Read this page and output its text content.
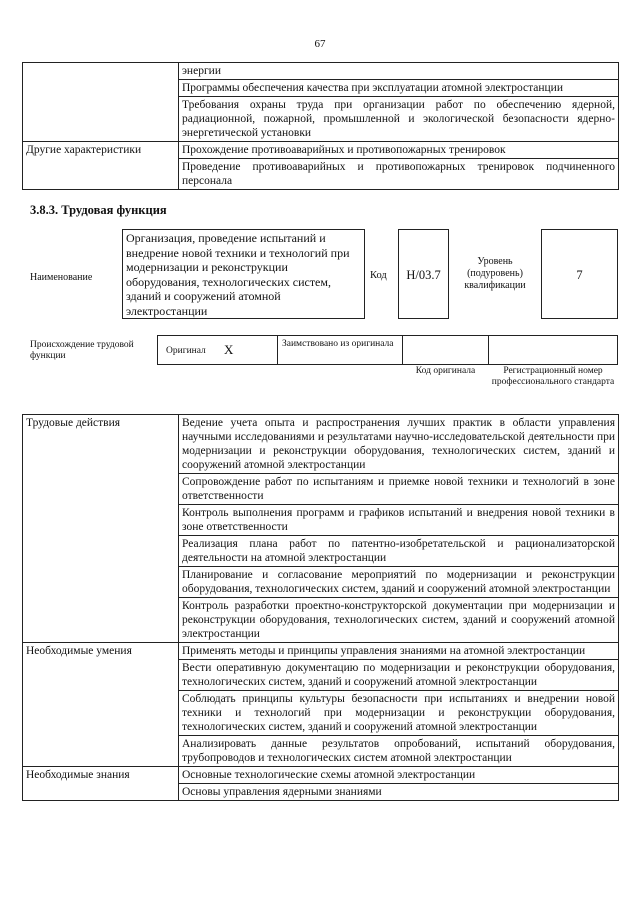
67
	энергии
	Программы обеспечения качества при эксплуатации атомной электростанции
	Требования охраны труда при организации работ по обеспечению ядерной, радиационной, пожарной, промышленной и экологической безопасности ядерно-энергетической установки
Другие характеристики	Прохождение противоаварийных и противопожарных тренировок
	Проведение противоаварийных и противопожарных тренировок подчиненного персонала
3.8.3. Трудовая функция
Наименование
Организация, проведение испытаний и внедрение новой техники и технологий при модернизации и реконструкции оборудования, технологических систем, зданий и сооружений атомной электростанции
Код	H/03.7
Уровень (подуровень) квалификации
7
Происхождение трудовой функции	Оригинал X	Заимствовано из оригинала
Код оригинала	Регистрационный номер профессионального стандарта
Трудовые действия	Ведение учета опыта и распространения лучших практик в области управления научными исследованиями и результатами научно-исследовательской деятельности при модернизации и реконструкции оборудования, технологических систем, зданий и сооружений атомной электростанции
	Сопровождение работ по испытаниям и приемке новой техники и технологий в зоне ответственности
	Контроль выполнения программ и графиков испытаний и внедрения новой техники в зоне ответственности
	Реализация плана работ по патентно-изобретательской и рационализаторской деятельности на атомной электростанции
	Планирование и согласование мероприятий по модернизации и реконструкции оборудования, технологических систем, зданий и сооружений атомной электростанции
	Контроль разработки проектно-конструкторской документации при модернизации и реконструкции оборудования, технологических систем, зданий и сооружений атомной электростанции
Необходимые умения	Применять методы и принципы управления знаниями на атомной электростанции
	Вести оперативную документацию по модернизации и реконструкции оборудования, технологических систем, зданий и сооружений атомной электростанции
	Соблюдать принципы культуры безопасности при испытаниях и внедрении новой техники и технологий при модернизации и реконструкции оборудования, технологических систем, зданий и сооружений атомной электростанции
	Анализировать данные результатов опробований, испытаний оборудования, трубопроводов и технологических систем атомной электростанции
Необходимые знания	Основные технологические схемы атомной электростанции
	Основы управления ядерными знаниями
